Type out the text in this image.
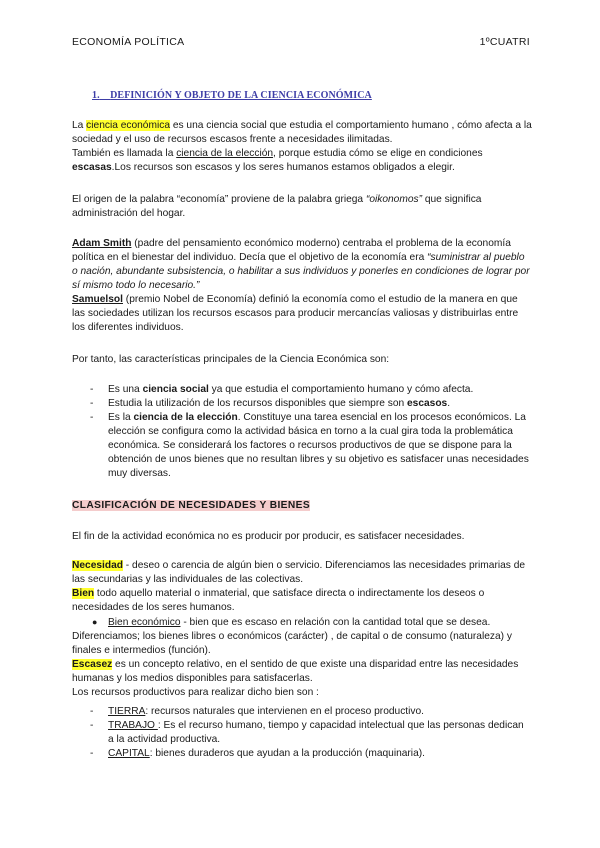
ECONOMÍA POLÍTICA	1ºCUATRI
1. DEFINICIÓN Y OBJETO DE LA CIENCIA ECONÓMICA
La ciencia económica es una ciencia social que estudia el comportamiento humano , cómo afecta a la sociedad y el uso de recursos escasos frente a necesidades ilimitadas.
También es llamada la ciencia de la elección, porque estudia cómo se elige en condiciones escasas.Los recursos son escasos y los seres humanos estamos obligados a elegir.
El origen de la palabra “economía” proviene de la palabra griega “oikonomos” que significa administración del hogar.
Adam Smith (padre del pensamiento económico moderno) centraba el problema de la economía política en el bienestar del individuo. Decía que el objetivo de la economía era “suministrar al pueblo o nación, abundante subsistencia, o habilitar a sus individuos y ponerles en condiciones de lograr por sí mismo todo lo necesario.”
Samuelsol (premio Nobel de Economía) definió la economía como el estudio de la manera en que las sociedades utilizan los recursos escasos para producir mercancías valiosas y distribuirlas entre los diferentes individuos.
Por tanto, las características principales de la Ciencia Económica son:
- Es una ciencia social ya que estudia el comportamiento humano y cómo afecta.
- Estudia la utilización de los recursos disponibles que siempre son escasos.
- Es la ciencia de la elección. Constituye una tarea esencial en los procesos económicos. La elección se configura como la actividad básica en torno a la cual gira toda la problemática económica. Se considerará los factores o recursos productivos de que se dispone para la obtención de unos bienes que no resultan libres y su objetivo es satisfacer unas necesidades muy diversas.
CLASIFICACIÓN DE NECESIDADES Y BIENES
El fin de la actividad económica no es producir por producir, es satisfacer necesidades.
Necesidad - deseo o carencia de algún bien o servicio. Diferenciamos las necesidades primarias de las secundarias y las individuales de las colectivas.
Bien todo aquello material o inmaterial, que satisface directa o indirectamente los deseos o necesidades de los seres humanos.
● Bien económico - bien que es escaso en relación con la cantidad total que se desea.
Diferenciamos; los bienes libres o económicos (carácter) , de capital o de consumo (naturaleza) y finales e intermedios (función).
Escasez es un concepto relativo, en el sentido de que existe una disparidad entre las necesidades humanas y los medios disponibles para satisfacerlas.
Los recursos productivos para realizar dicho bien son :
- TIERRA: recursos naturales que intervienen en el proceso productivo.
- TRABAJO : Es el recurso humano, tiempo y capacidad intelectual que las personas dedican a la actividad productiva.
- CAPITAL: bienes duraderos que ayudan a la producción (maquinaria).
